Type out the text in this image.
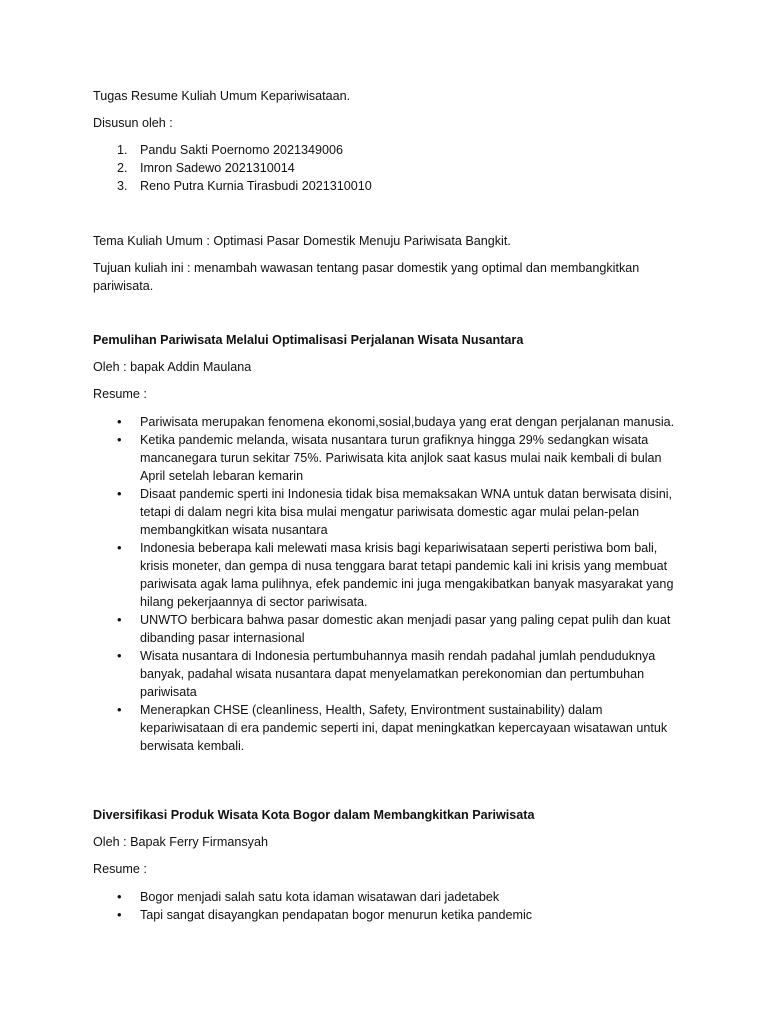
Tugas Resume Kuliah Umum Kepariwisataan.

Disusun oleh :

1. Pandu Sakti Poernomo 2021349006
2. Imron Sadewo 2021310014
3. Reno Putra Kurnia Tirasbudi 2021310010

Tema Kuliah Umum : Optimasi Pasar Domestik Menuju Pariwisata Bangkit.

Tujuan kuliah ini : menambah wawasan tentang pasar domestik yang optimal dan membangkitkan pariwisata.

Pemulihan Pariwisata Melalui Optimalisasi Perjalanan Wisata Nusantara

Oleh : bapak Addin Maulana

Resume :

• Pariwisata merupakan fenomena ekonomi,sosial,budaya yang erat dengan perjalanan manusia.
• Ketika pandemic melanda, wisata nusantara turun grafiknya hingga 29% sedangkan wisata mancanegara turun sekitar 75%. Pariwisata kita anjlok saat kasus mulai naik kembali di bulan April setelah lebaran kemarin
• Disaat pandemic sperti ini Indonesia tidak bisa memaksakan WNA untuk datan berwisata disini, tetapi di dalam negri kita bisa mulai mengatur pariwisata domestic agar mulai pelan-pelan membangkitkan wisata nusantara
• Indonesia beberapa kali melewati masa krisis bagi kepariwisataan seperti peristiwa bom bali, krisis moneter, dan gempa di nusa tenggara barat tetapi pandemic kali ini krisis yang membuat pariwisata agak lama pulihnya, efek pandemic ini juga mengakibatkan banyak masyarakat yang hilang pekerjaannya di sector pariwisata.
• UNWTO berbicara bahwa pasar domestic akan menjadi pasar yang paling cepat pulih dan kuat dibanding pasar internasional
• Wisata nusantara di Indonesia pertumbuhannya masih rendah padahal jumlah penduduknya banyak, padahal wisata nusantara dapat menyelamatkan perekonomian dan pertumbuhan pariwisata
• Menerapkan CHSE (cleanliness, Health, Safety, Environtment sustainability) dalam kepariwisataan di era pandemic seperti ini, dapat meningkatkan kepercayaan wisatawan untuk berwisata kembali.

Diversifikasi Produk Wisata Kota Bogor dalam Membangkitkan Pariwisata

Oleh : Bapak Ferry Firmansyah

Resume :

• Bogor menjadi salah satu kota idaman wisatawan dari jadetabek
• Tapi sangat disayangkan pendapatan bogor menurun ketika pandemic
